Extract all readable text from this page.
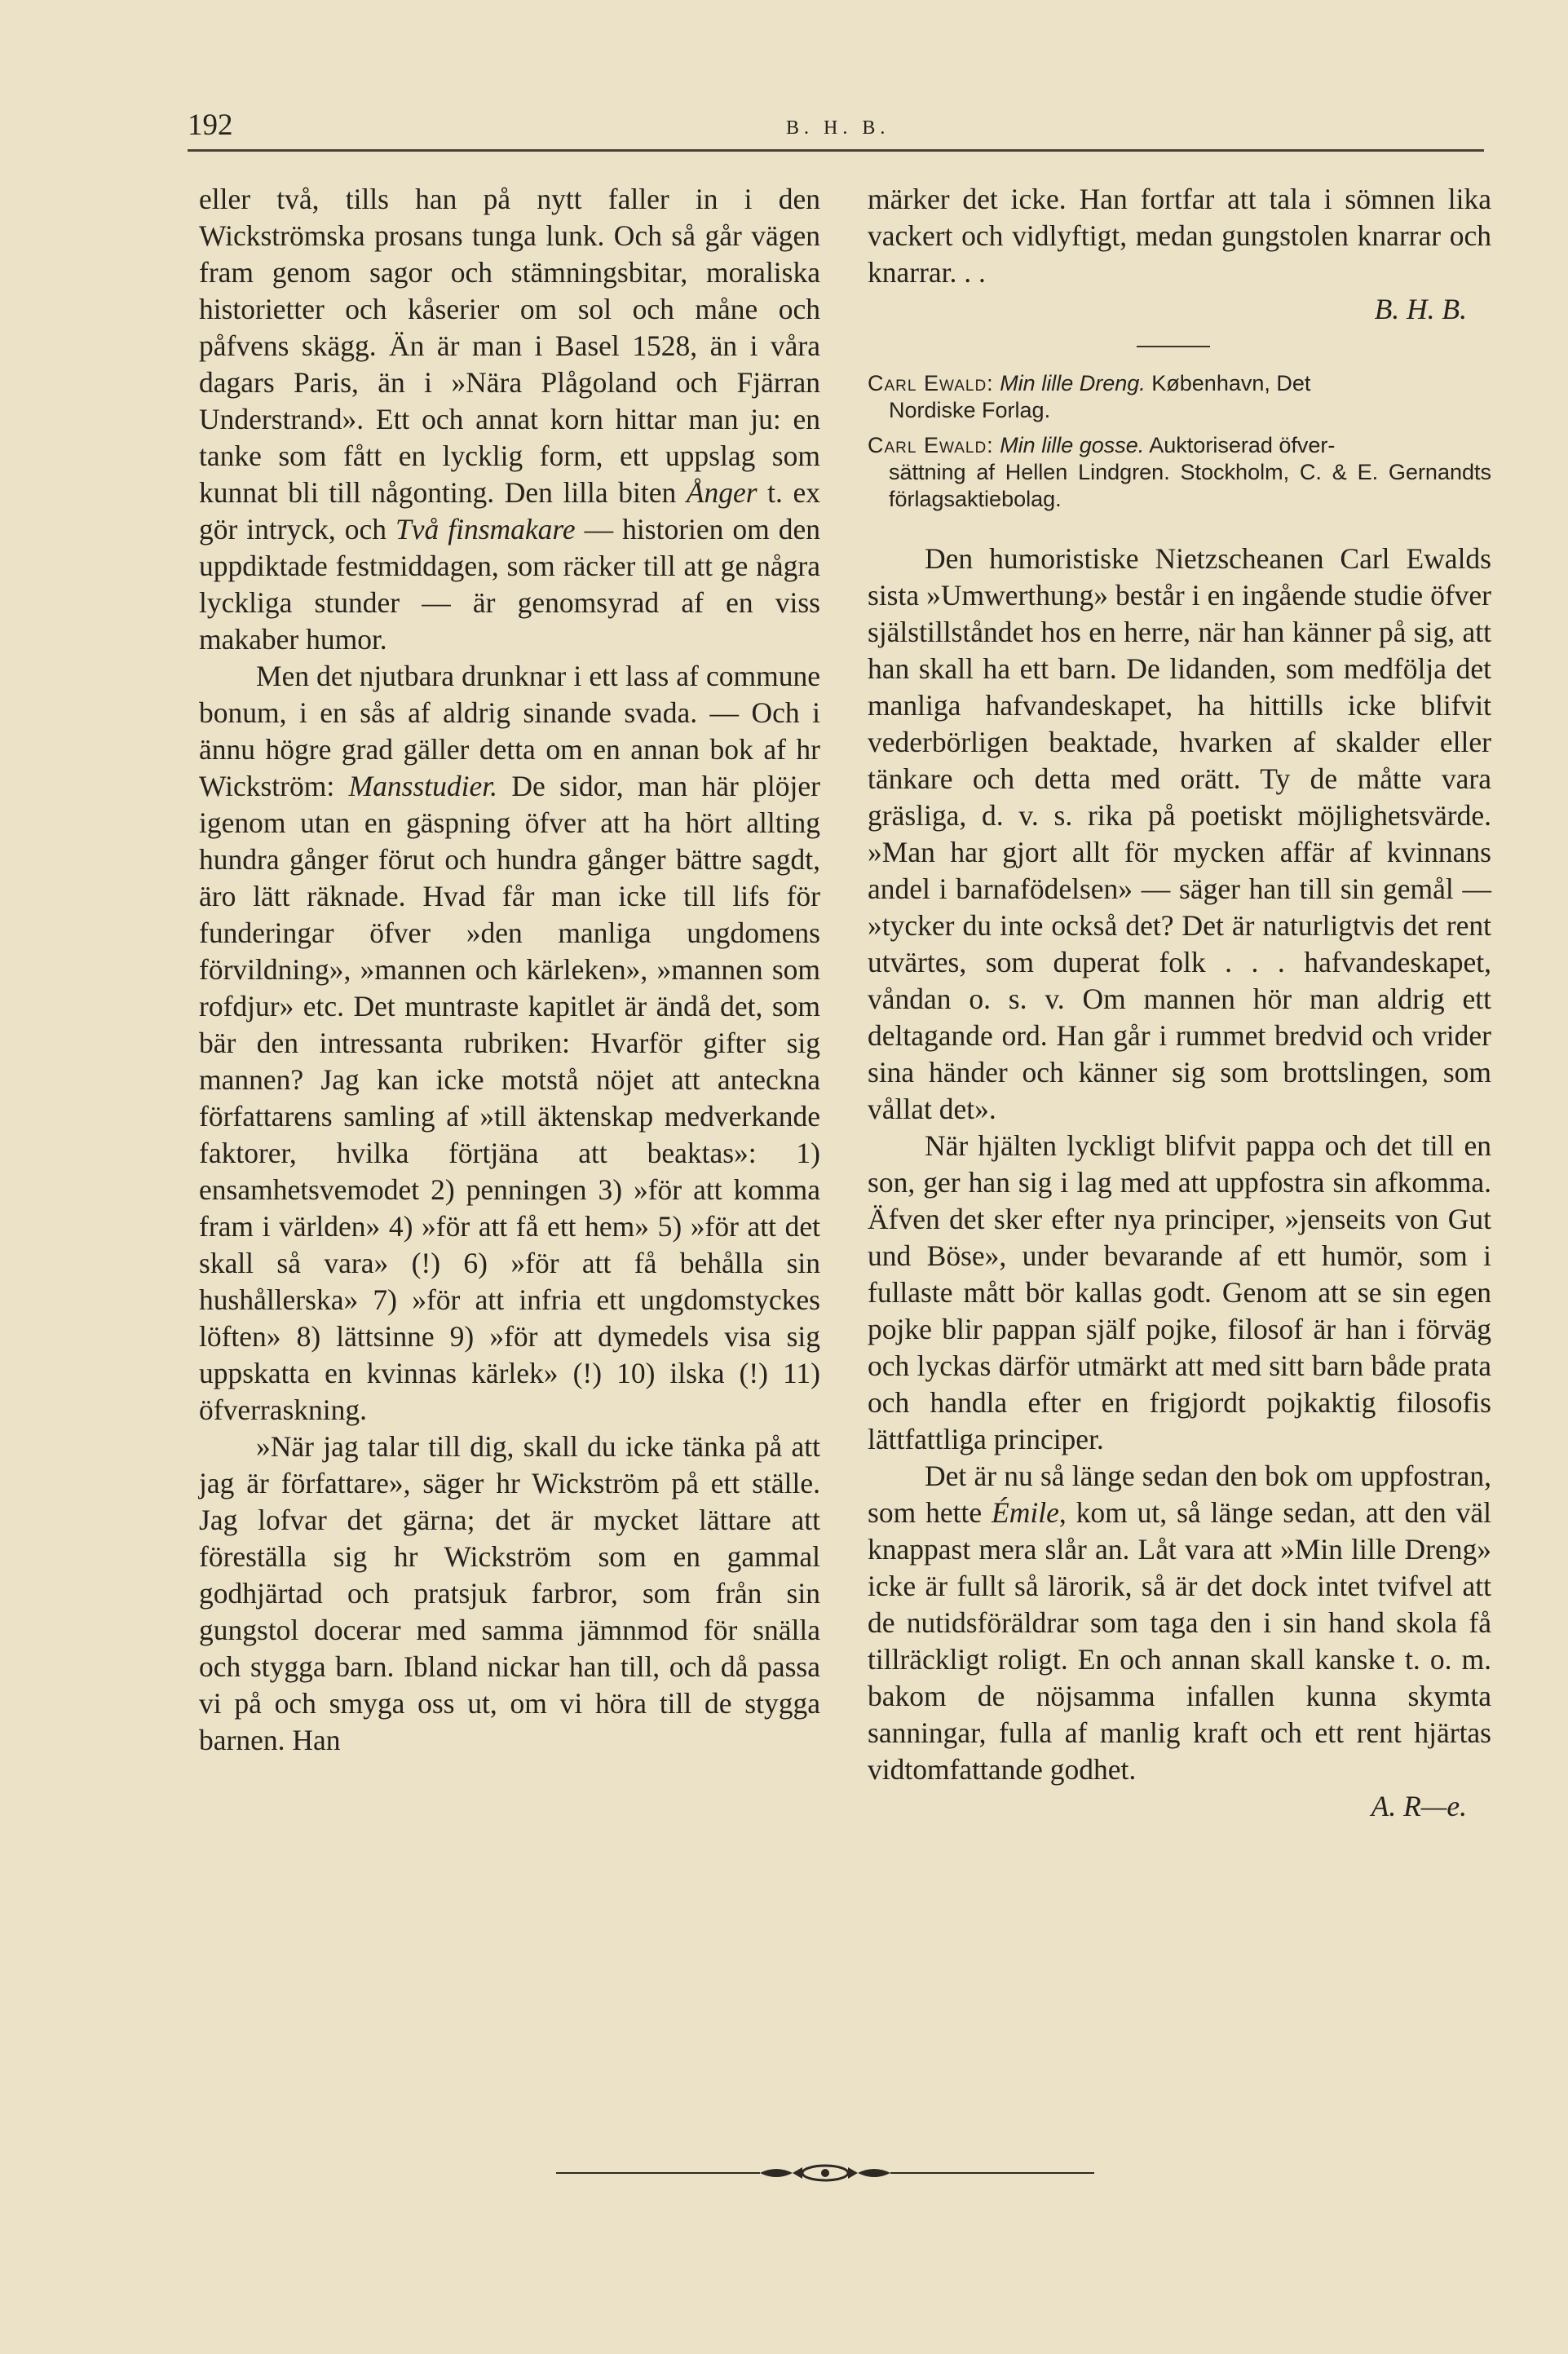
192	B. H. B.

eller två, tills han på nytt faller in i den Wickströmska prosans tunga lunk. Och så går vägen fram genom sagor och stämningsbitar, moraliska historietter och kåserier om sol och måne och påfvens skägg. Än är man i Basel 1528, än i våra dagars Paris, än i »Nära Plågoland och Fjärran Understrand». Ett och annat korn hittar man ju: en tanke som fått en lycklig form, ett uppslag som kunnat bli till någonting. Den lilla biten Ånger t. ex gör intryck, och Två finsmakare — historien om den uppdiktade festmiddagen, som räcker till att ge några lyckliga stunder — är genomsyrad af en viss makaber humor.

Men det njutbara drunknar i ett lass af commune bonum, i en sås af aldrig sinande svada. — Och i ännu högre grad gäller detta om en annan bok af hr Wickström: Mansstudier. De sidor, man här plöjer igenom utan en gäspning öfver att ha hört allting hundra gånger förut och hundra gånger bättre sagdt, äro lätt räknade. Hvad får man icke till lifs för funderingar öfver »den manliga ungdomens förvildning», »mannen och kärleken», »mannen som rofdjur» etc. Det muntraste kapitlet är ändå det, som bär den intressanta rubriken: Hvarför gifter sig mannen? Jag kan icke motstå nöjet att anteckna författarens samling af »till äktenskap medverkande faktorer, hvilka förtjäna att beaktas»: 1) ensamhetsvemodet 2) penningen 3) »för att komma fram i världen» 4) »för att få ett hem» 5) »för att det skall så vara» (!) 6) »för att få behålla sin hushållerska» 7) »för att infria ett ungdomstyckes löften» 8) lättsinne 9) »för att dymedels visa sig uppskatta en kvinnas kärlek» (!) 10) ilska (!) 11) öfverraskning.

»När jag talar till dig, skall du icke tänka på att jag är författare», säger hr Wickström på ett ställe. Jag lofvar det gärna; det är mycket lättare att föreställa sig hr Wickström som en gammal godhjärtad och pratsjuk farbror, som från sin gungstol docerar med samma jämnmod för snälla och stygga barn. Ibland nickar han till, och då passa vi på och smyga oss ut, om vi höra till de stygga barnen. Han

märker det icke. Han fortfar att tala i sömnen lika vackert och vidlyftigt, medan gungstolen knarrar och knarrar. . .

B. H. B.

Carl Ewald: Min lille Dreng. København, Det
Nordiske Forlag.

Carl Ewald: Min lille gosse. Auktoriserad öfver-
sättning af Hellen Lindgren. Stockholm, C. & E. Gernandts förlagsaktiebolag.

Den humoristiske Nietzscheanen Carl Ewalds sista »Umwerthung» består i en ingående studie öfver själstillståndet hos en herre, när han känner på sig, att han skall ha ett barn. De lidanden, som medfölja det manliga hafvandeskapet, ha hittills icke blifvit vederbörligen beaktade, hvarken af skalder eller tänkare och detta med orätt. Ty de måtte vara gräsliga, d. v. s. rika på poetiskt möjlighetsvärde. »Man har gjort allt för mycken affär af kvinnans andel i barnafödelsen» — säger han till sin gemål — »tycker du inte också det? Det är naturligtvis det rent utvärtes, som duperat folk . . . hafvandeskapet, våndan o. s. v. Om mannen hör man aldrig ett deltagande ord. Han går i rummet bredvid och vrider sina händer och känner sig som brottslingen, som vållat det».

När hjälten lyckligt blifvit pappa och det till en son, ger han sig i lag med att uppfostra sin afkomma. Äfven det sker efter nya principer, »jenseits von Gut und Böse», under bevarande af ett humör, som i fullaste mått bör kallas godt. Genom att se sin egen pojke blir pappan själf pojke, filosof är han i förväg och lyckas därför utmärkt att med sitt barn både prata och handla efter en frigjordt pojkaktig filosofis lättfattliga principer.

Det är nu så länge sedan den bok om uppfostran, som hette Émile, kom ut, så länge sedan, att den väl knappast mera slår an. Låt vara att »Min lille Dreng» icke är fullt så lärorik, så är det dock intet tvifvel att de nutidsföräldrar som taga den i sin hand skola få tillräckligt roligt. En och annan skall kanske t. o. m. bakom de nöjsamma infallen kunna skymta sanningar, fulla af manlig kraft och ett rent hjärtas vidtomfattande godhet.

A. R—e.
